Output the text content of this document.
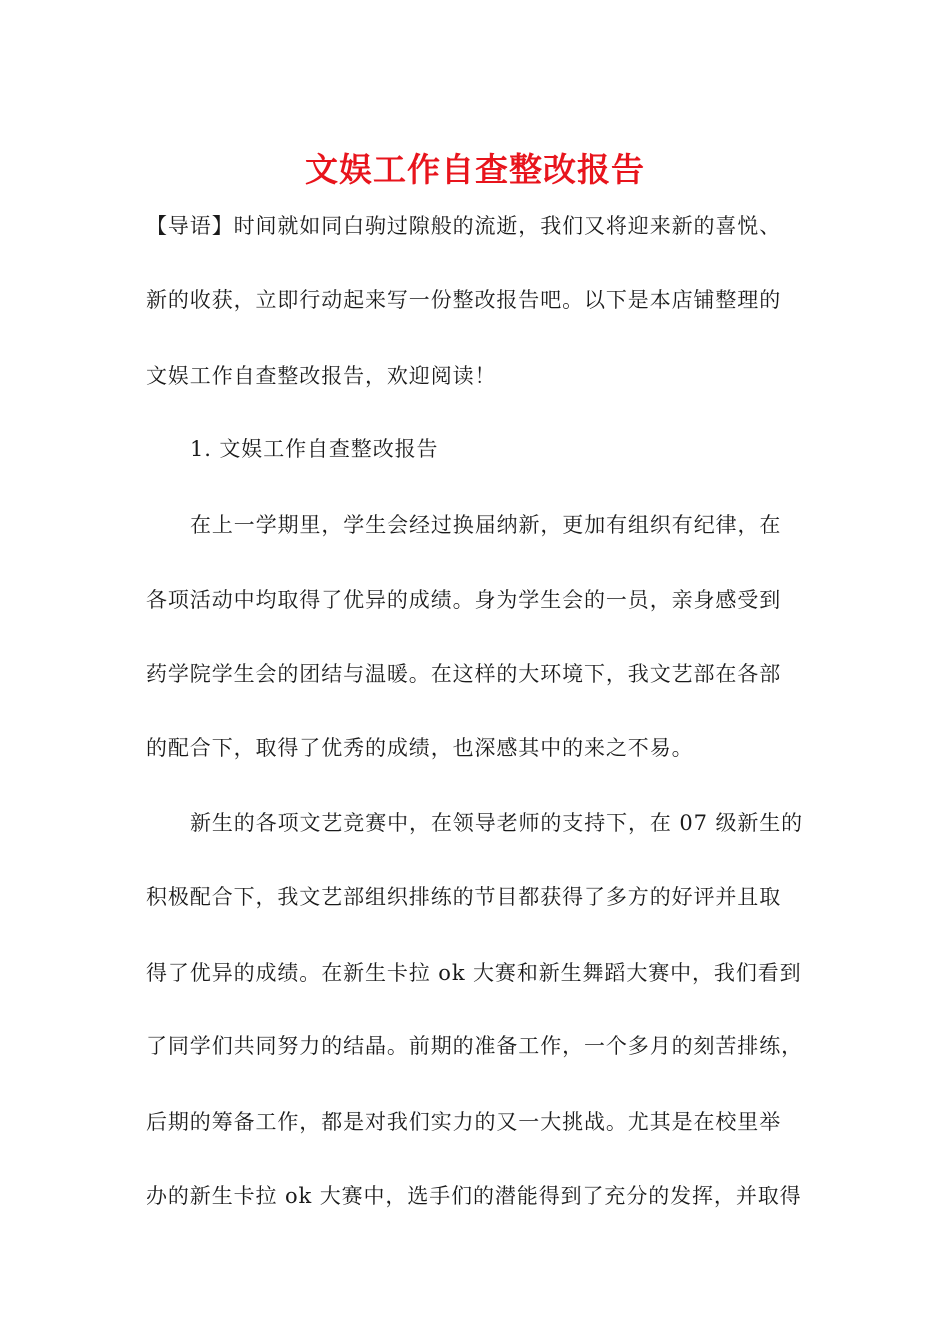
文娱工作自查整改报告

【导语】时间就如同白驹过隙般的流逝，我们又将迎来新的喜悦、

新的收获，立即行动起来写一份整改报告吧。以下是本店铺整理的

文娱工作自查整改报告，欢迎阅读！

1. 文娱工作自查整改报告

在上一学期里，学生会经过换届纳新，更加有组织有纪律，在

各项活动中均取得了优异的成绩。身为学生会的一员，亲身感受到

药学院学生会的团结与温暖。在这样的大环境下，我文艺部在各部

的配合下，取得了优秀的成绩，也深感其中的来之不易。

新生的各项文艺竞赛中，在领导老师的支持下，在 07 级新生的

积极配合下，我文艺部组织排练的节目都获得了多方的好评并且取

得了优异的成绩。在新生卡拉 ok 大赛和新生舞蹈大赛中，我们看到

了同学们共同努力的结晶。前期的准备工作，一个多月的刻苦排练，

后期的筹备工作，都是对我们实力的又一大挑战。尤其是在校里举

办的新生卡拉 ok 大赛中，选手们的潜能得到了充分的发挥，并取得
